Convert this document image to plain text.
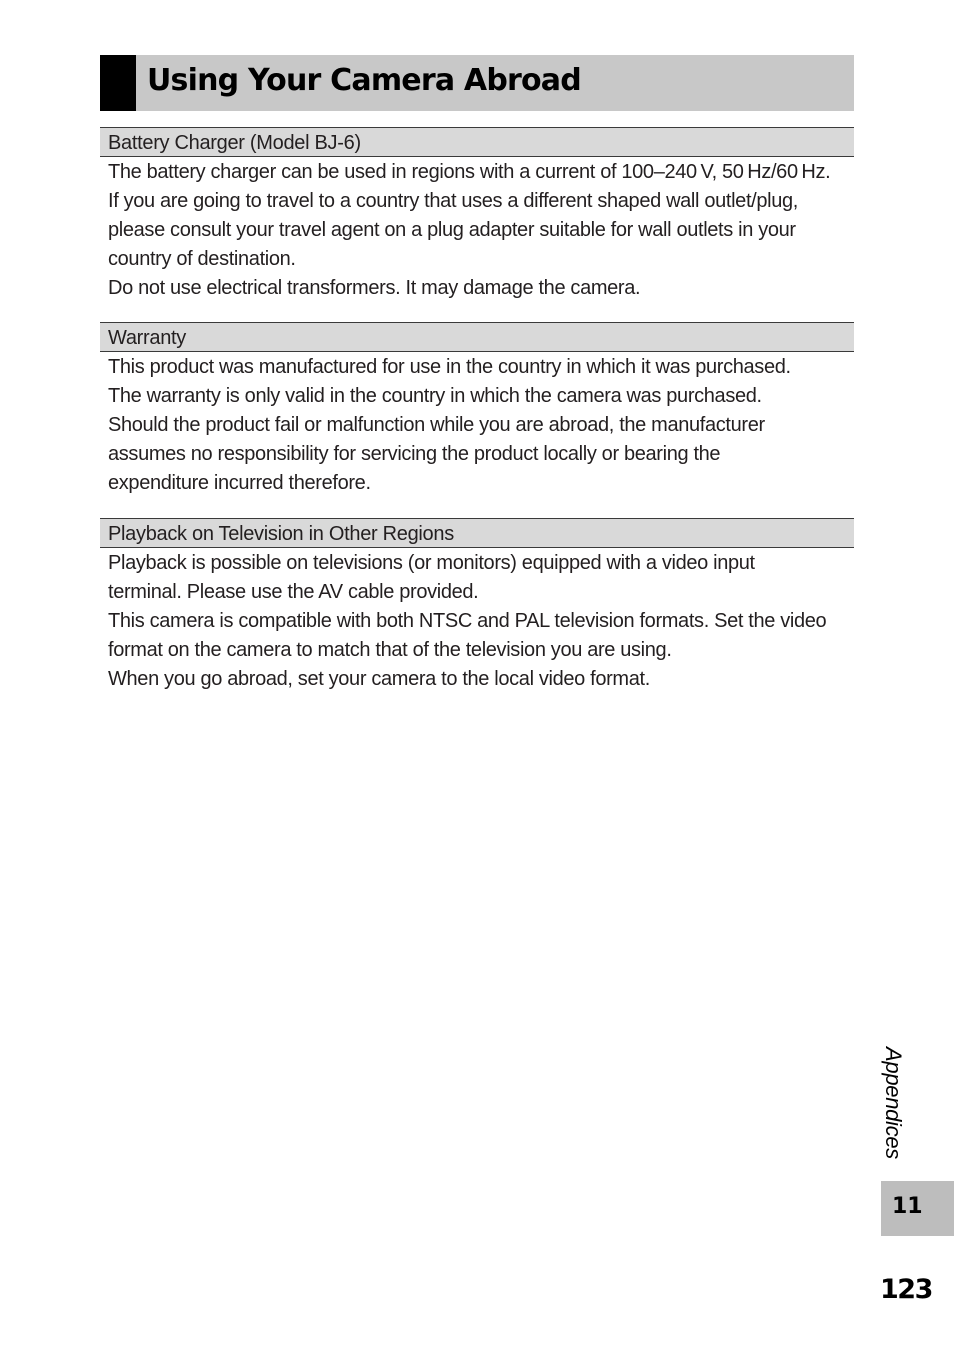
Using Your Camera Abroad
Battery Charger (Model BJ-6)

The battery charger can be used in regions with a current of 100–240 V, 50 Hz/60 Hz.

If you are going to travel to a country that uses a different shaped wall outlet/plug,

please consult your travel agent on a plug adapter suitable for wall outlets in your

country of destination.

Do not use electrical transformers. It may damage the camera.

Warranty

This product was manufactured for use in the country in which it was purchased.

The warranty is only valid in the country in which the camera was purchased.

Should the product fail or malfunction while you are abroad, the manufacturer

assumes no responsibility for servicing the product locally or bearing the

expenditure incurred therefore.

Playback on Television in Other Regions

Playback is possible on televisions (or monitors) equipped with a video input

terminal. Please use the AV cable provided.

This camera is compatible with both NTSC and PAL television formats. Set the video

format on the camera to match that of the television you are using.

When you go abroad, set your camera to the local video format.

Appendices
11
123
